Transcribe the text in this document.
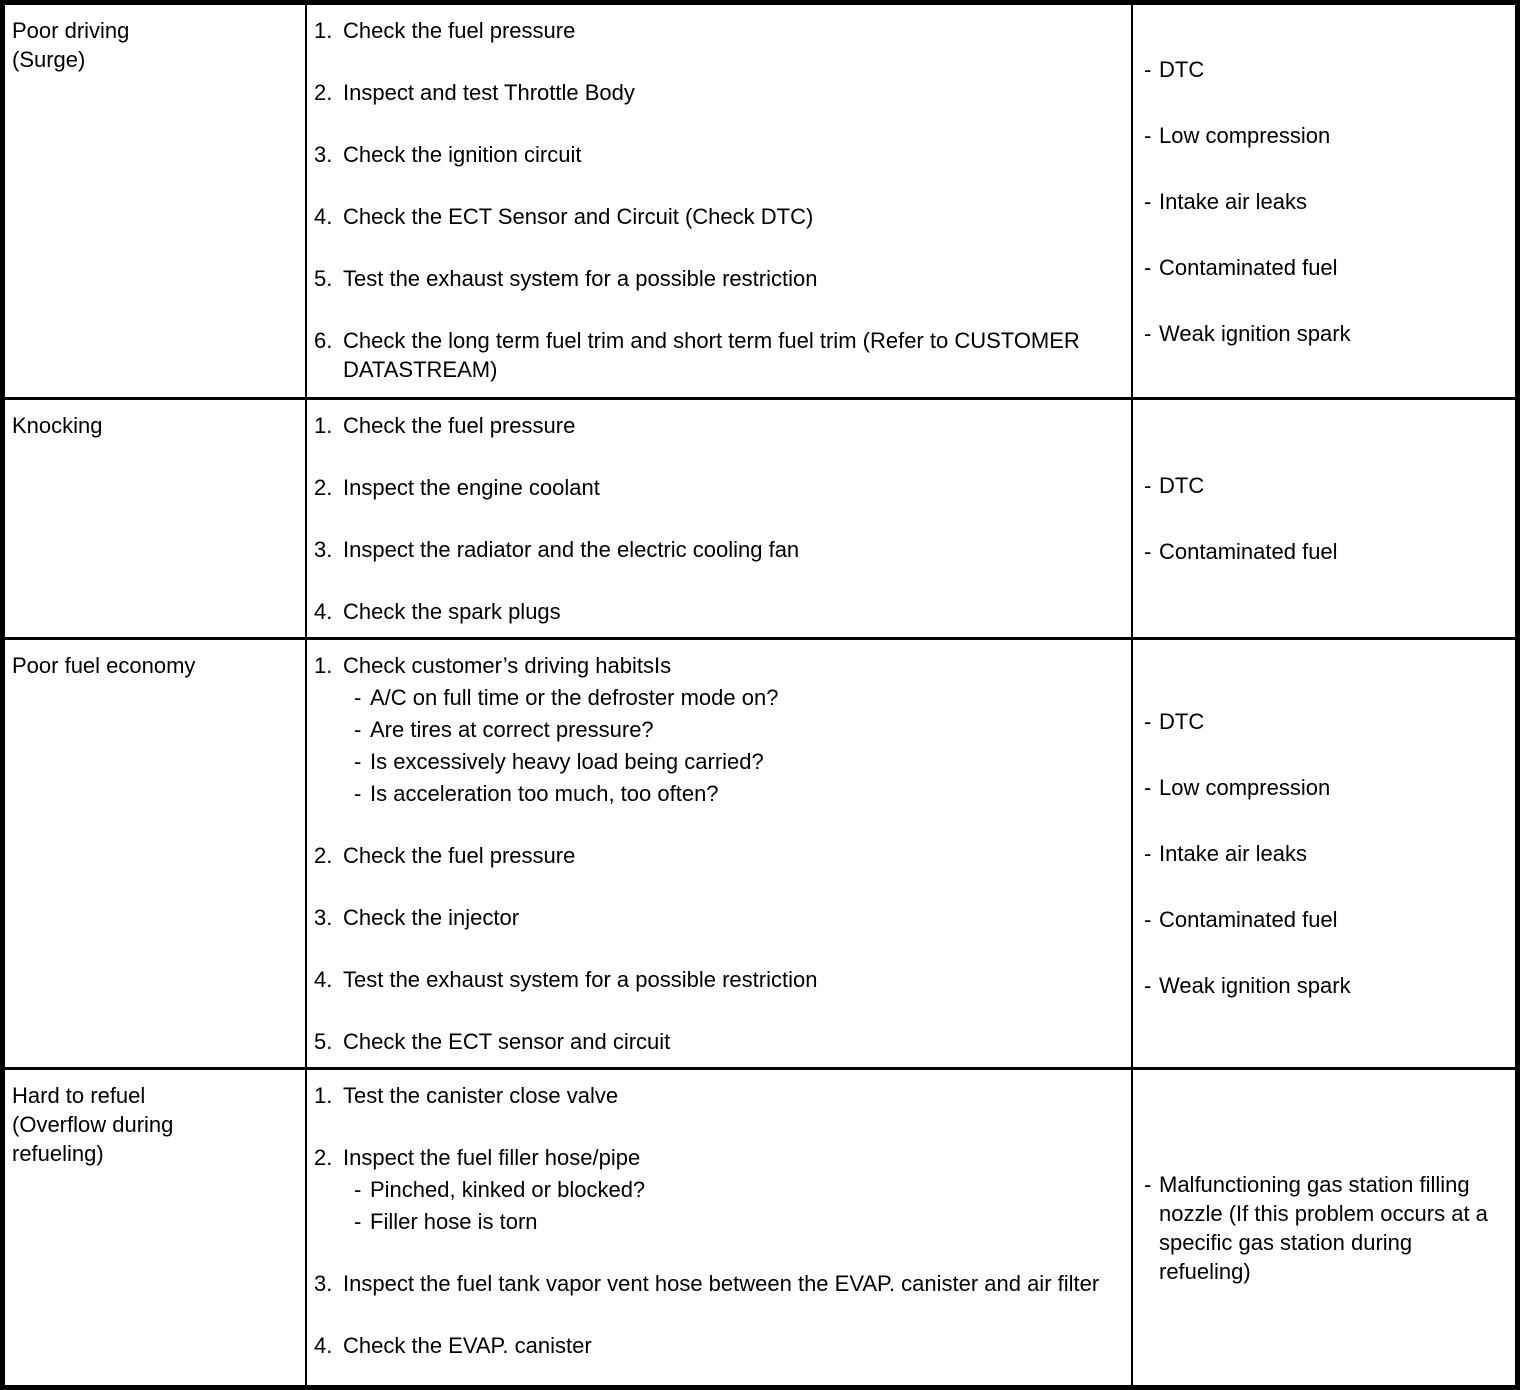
Poor driving
(Surge)
1. Check the fuel pressure
2. Inspect and test Throttle Body
3. Check the ignition circuit
4. Check the ECT Sensor and Circuit (Check DTC)
5. Test the exhaust system for a possible restriction
6. Check the long term fuel trim and short term fuel trim (Refer to CUSTOMER DATASTREAM)
- DTC
- Low compression
- Intake air leaks
- Contaminated fuel
- Weak ignition spark
Knocking	1. Check the fuel pressure
2. Inspect the engine coolant
3. Inspect the radiator and the electric cooling fan
4. Check the spark plugs
- DTC
- Contaminated fuel
Poor fuel economy	1. Check customer’s driving habitsIs
- A/C on full time or the defroster mode on?
- Are tires at correct pressure?
- Is excessively heavy load being carried?
- Is acceleration too much, too often?
2. Check the fuel pressure
3. Check the injector
4. Test the exhaust system for a possible restriction
5. Check the ECT sensor and circuit
- DTC
- Low compression
- Intake air leaks
- Contaminated fuel
- Weak ignition spark
Hard to refuel
(Overflow during
refueling)
1. Test the canister close valve
2. Inspect the fuel filler hose/pipe
- Pinched, kinked or blocked?
- Filler hose is torn
3. Inspect the fuel tank vapor vent hose between the EVAP. canister and air filter
4. Check the EVAP. canister
- Malfunctioning gas station filling nozzle (If this problem occurs at a specific gas station during refueling)
